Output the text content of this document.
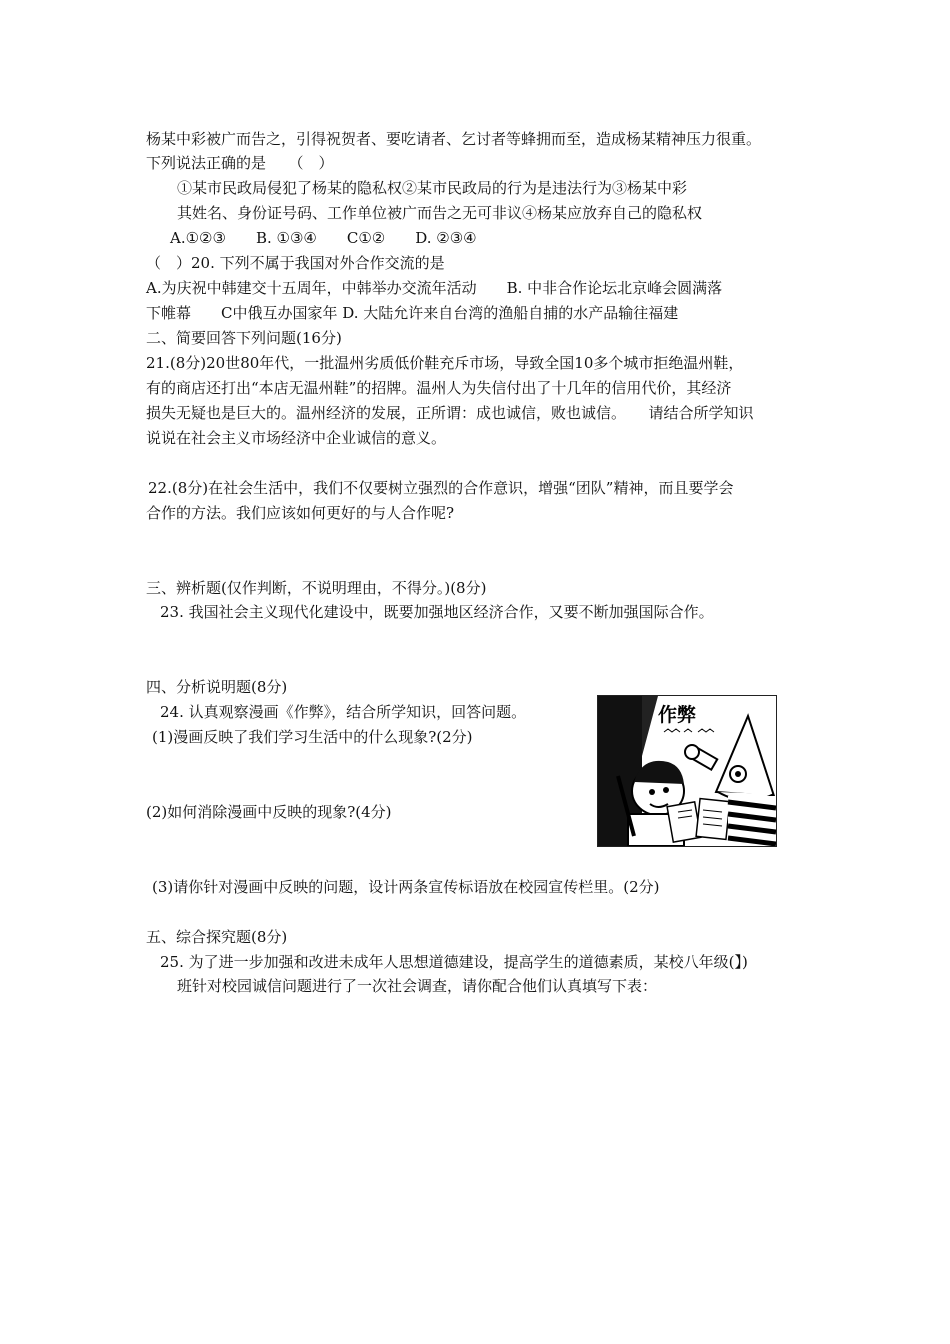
杨某中彩被广而告之，引得祝贺者、要吃请者、乞讨者等蜂拥而至，造成杨某精神压力很重。
下列说法正确的是　　（　）
①某市民政局侵犯了杨某的隐私权②某市民政局的行为是违法行为③杨某中彩
其姓名、身份证号码、工作单位被广而告之无可非议④杨某应放弃自己的隐私权
A.①②③　　B. ①③④　　C①②　　D. ②③④
（　）20. 下列不属于我国对外合作交流的是
A.为庆祝中韩建交十五周年，中韩举办交流年活动　　B. 中非合作论坛北京峰会圆满落
下帷幕　　C中俄互办国家年 D. 大陆允许来自台湾的渔船自捕的水产品输往福建
二、简要回答下列问题(16分)
21.(8分)20世80年代，一批温州劣质低价鞋充斥市场，导致全国10多个城市拒绝温州鞋，
有的商店还打出“本店无温州鞋”的招牌。温州人为失信付出了十几年的信用代价，其经济
损失无疑也是巨大的。温州经济的发展，正所谓：成也诚信，败也诚信。　　请结合所学知识
说说在社会主义市场经济中企业诚信的意义。
22.(8分)在社会生活中，我们不仅要树立强烈的合作意识，增强“团队”精神，而且要学会
合作的方法。我们应该如何更好的与人合作呢?
三、辨析题(仅作判断，不说明理由，不得分。)(8分)
23. 我国社会主义现代化建设中，既要加强地区经济合作，又要不断加强国际合作。
四、分析说明题(8分)
24. 认真观察漫画《作弊》，结合所学知识，回答问题。
(1)漫画反映了我们学习生活中的什么现象?(2分)
(2)如何消除漫画中反映的现象?(4分)
(3)请你针对漫画中反映的问题，设计两条宣传标语放在校园宣传栏里。(2分)
五、综合探究题(8分)
25. 为了进一步加强和改进未成年人思想道德建设，提高学生的道德素质，某校八年级(】)
班针对校园诚信问题进行了一次社会调查，请你配合他们认真填写下表：
作弊
